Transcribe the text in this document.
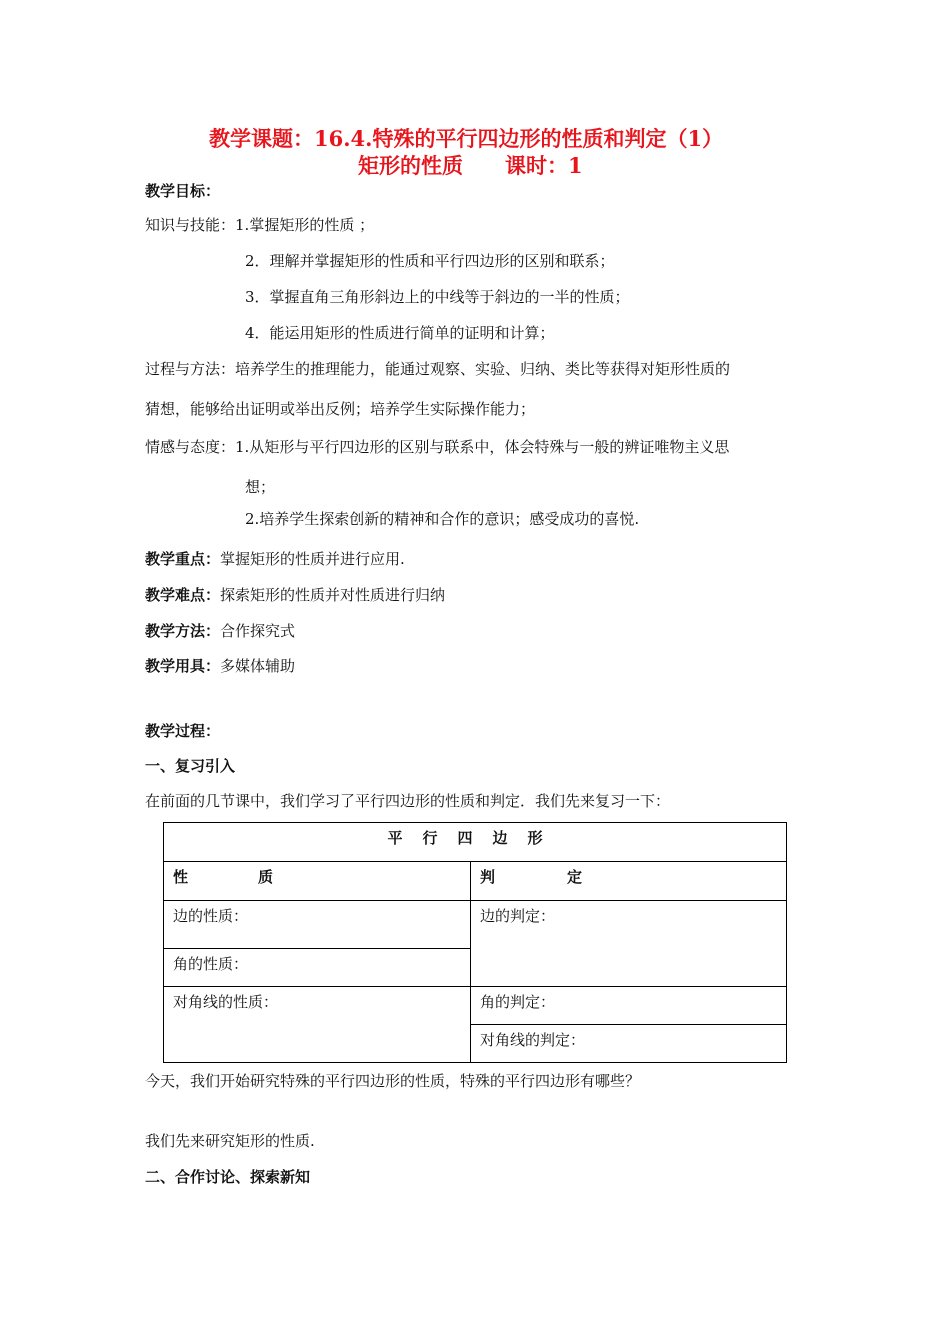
教学课题：16.4.特殊的平行四边形的性质和判定（1）
矩形的性质　　课时：1
教学目标：
知识与技能：1.掌握矩形的性质 ；
2．理解并掌握矩形的性质和平行四边形的区别和联系；
3．掌握直角三角形斜边上的中线等于斜边的一半的性质；
4．能运用矩形的性质进行简单的证明和计算；
过程与方法：培养学生的推理能力，能通过观察、实验、归纳、类比等获得对矩形性质的
猜想，能够给出证明或举出反例；培养学生实际操作能力；
情感与态度：1.从矩形与平行四边形的区别与联系中，体会特殊与一般的辨证唯物主义思
想；
2.培养学生探索创新的精神和合作的意识；感受成功的喜悦.
教学重点：掌握矩形的性质并进行应用.
教学难点：探索矩形的性质并对性质进行归纳
教学方法：合作探究式
教学用具：多媒体辅助
教学过程：
一、复习引入
在前面的几节课中，我们学习了平行四边形的性质和判定．我们先来复习一下：
平行四边形	
性 质	判 定
边的性质：	边的判定：
角的性质：	
对角线的性质：	角的判定：
	对角线的判定：
今天，我们开始研究特殊的平行四边形的性质，特殊的平行四边形有哪些？
我们先来研究矩形的性质.
二、合作讨论、探索新知
